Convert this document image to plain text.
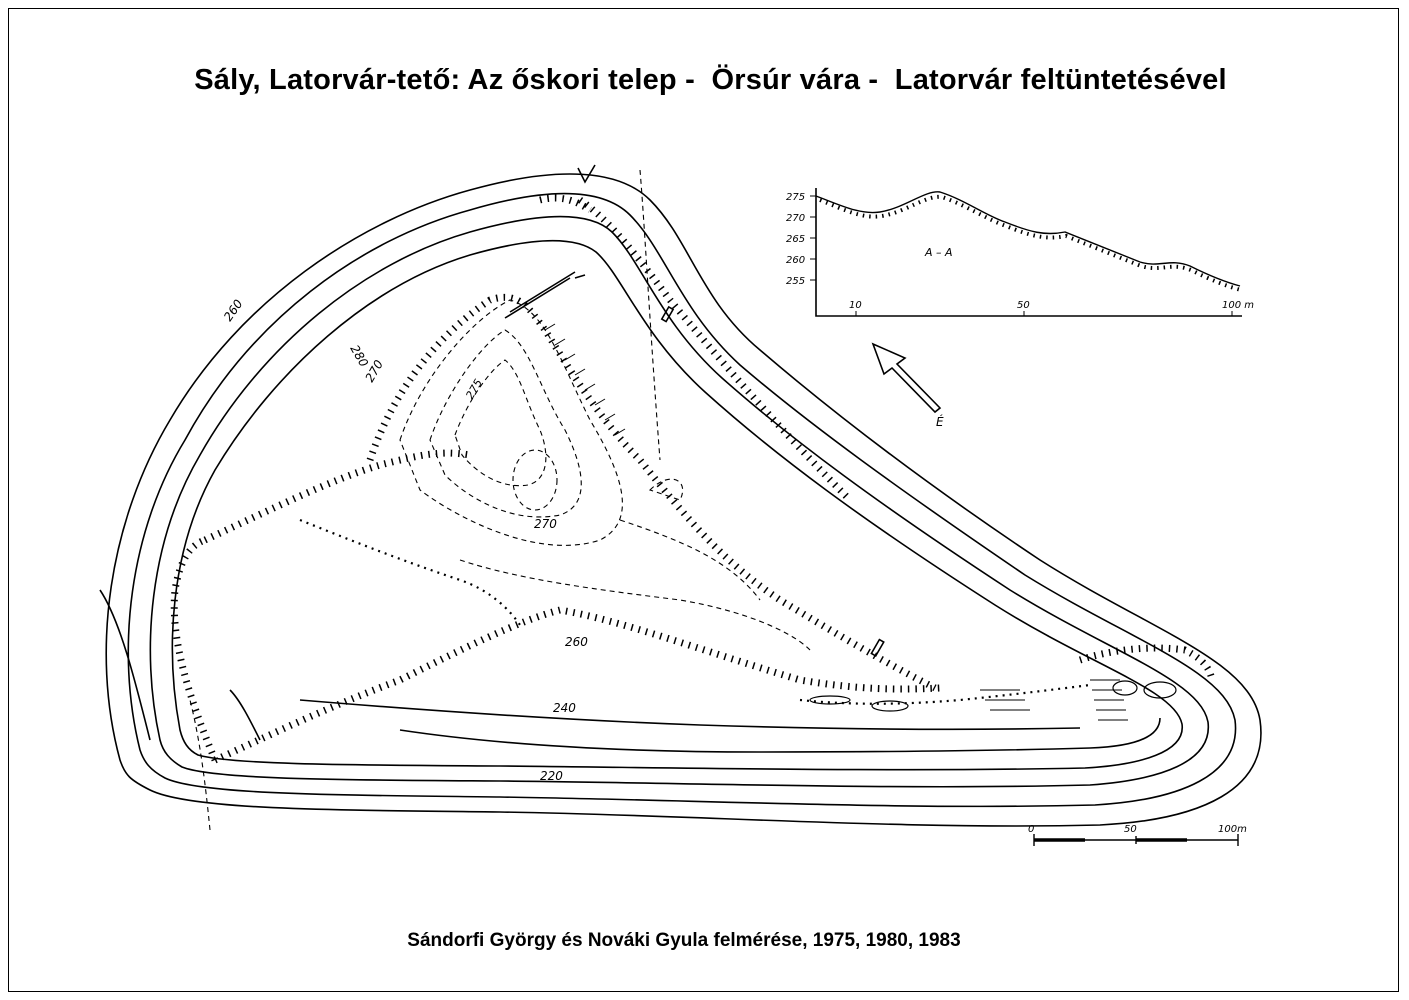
Sály, Latorvár-tető: Az őskori telep -  Örsúr vára -  Latorvár feltüntetésével
260
280
270
275
270
260
240
220
É
275
270
265
260
255
10	50	100 m
A – A
0	50	100m
Sándorfi György és Nováki Gyula felmérése, 1975, 1980, 1983
